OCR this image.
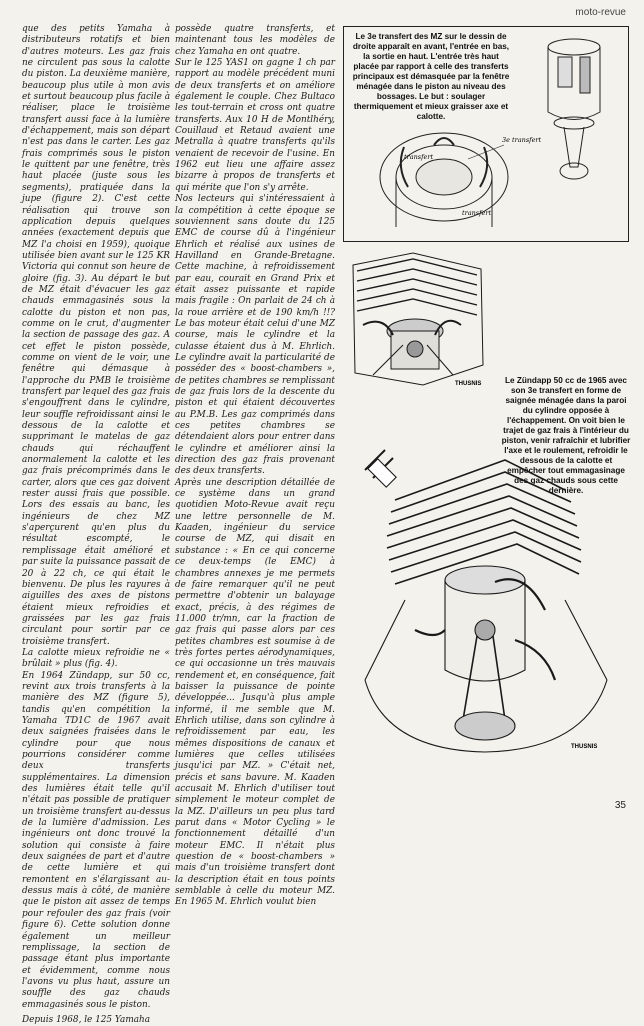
moto-revue

que des petits Yamaha à distributeurs rotatifs et bien d'autres moteurs. Les gaz frais ne circulent pas sous la calotte du piston. La deuxième manière, beaucoup plus utile à mon avis et surtout beaucoup plus facile à réaliser, place le troisième transfert aussi face à la lumière d'échappement, mais son départ n'est pas dans le carter. Les gaz frais comprimés sous le piston le quittent par une fenêtre, très haut placée (juste sous les segments), pratiquée dans la jupe (figure 2). C'est cette réalisation qui trouve son application depuis quelques années (exactement depuis que MZ l'a choisi en 1959), quoique utilisée bien avant sur le 125 KR Victoria qui connut son heure de gloire (fig. 3). Au départ le but de MZ était d'évacuer les gaz chauds emmagasinés sous la calotte du piston et non pas, comme on le crut, d'augmenter la section de passage des gaz. A cet effet le piston possède, comme on vient de le voir, une fenêtre qui démasque à l'approche du PMB le troisième transfert par lequel des gaz frais s'engouffrent dans le cylindre, leur souffle refroidissant ainsi le dessous de la calotte et supprimant le matelas de gaz chauds qui réchauffent anormalement la calotte et les gaz frais précomprimés dans le carter, alors que ces gaz doivent rester aussi frais que possible. Lors des essais au banc, les ingénieurs de chez MZ s'aperçurent qu'en plus du résultat escompté, le remplissage était amélioré et par suite la puissance passait de 20 à 22 ch, ce qui était le bienvenu. De plus les rayures à aiguilles des axes de pistons étaient mieux refroidies et graissées par les gaz frais circulant pour sortir par ce troisième transfert.

La calotte mieux refroidie ne « brûlait » plus (fig. 4).

En 1964 Zündapp, sur 50 cc, revint aux trois transferts à la manière des MZ (figure 5), tandis qu'en compétition la Yamaha TD1C de 1967 avait deux saignées fraisées dans le cylindre pour que nous pourrions considérer comme deux transferts supplémentaires. La dimension des lumières était telle qu'il n'était pas possible de pratiquer un troisième transfert au-dessus de la lumière d'admission. Les ingénieurs ont donc trouvé la solution qui consiste à faire deux saignées de part et d'autre de cette lumière et qui remontent en s'élargissant au-dessus mais à côté, de manière que le piston ait assez de temps pour refouler des gaz frais (voir figure 6). Cette solution donne également un meilleur remplissage, la section de passage étant plus importante et évidemment, comme nous l'avons vu plus haut, assure un souffle des gaz chauds emmagasinés sous le piston.

Depuis 1968, le 125 Yamaha

possède quatre transferts, et maintenant tous les modèles de chez Yamaha en ont quatre.

Sur le 125 YAS1 on gagne 1 ch par rapport au modèle précédent muni de deux transferts et on améliore également le couple. Chez Bultaco les tout-terrain et cross ont quatre transferts. Aux 10 H de Montlhéry, Couillaud et Retaud avaient une Metralla à quatre transferts qu'ils venaient de recevoir de l'usine. En 1962 eut lieu une affaire assez bizarre à propos de transferts et qui mérite que l'on s'y arrête.

Nos lecteurs qui s'intéressaient à la compétition à cette époque se souviennent sans doute du 125 EMC de course dû à l'ingénieur Ehrlich et réalisé aux usines de Havilland en Grande-Bretagne. Cette machine, à refroidissement par eau, courait en Grand Prix et était assez puissante et rapide mais fragile : On parlait de 24 ch à la roue arrière et de 190 km/h !!? Le bas moteur était celui d'une MZ course, mais le cylindre et la culasse étaient dus à M. Ehrlich. Le cylindre avait la particularité de posséder des « boost-chambers », de petites chambres se remplissant de gaz frais lors de la descente du piston et qui étaient découvertes au P.M.B. Les gaz comprimés dans ces petites chambres se détendaient alors pour entrer dans le cylindre et améliorer ainsi la direction des gaz frais provenant des deux transferts.

Après une description détaillée de ce système dans un grand quotidien Moto-Revue avait reçu une lettre personnelle de M. Kaaden, ingénieur du service course de MZ, qui disait en substance : « En ce qui concerne ce deux-temps (le EMC) à chambres annexes je me permets de faire remarquer qu'il ne peut permettre d'obtenir un balayage exact, précis, à des régimes de 11.000 tr/mn, car la fraction de gaz frais qui passe alors par ces petites chambres est soumise à de très fortes pertes aérodynamiques, ce qui occasionne un très mauvais rendement et, en conséquence, fait baisser la puissance de pointe développée... Jusqu'à plus ample informé, il me semble que M. Ehrlich utilise, dans son cylindre à refroidissement par eau, les mêmes dispositions de canaux et lumières que celles utilisées jusqu'ici par MZ. » C'était net, précis et sans bavure. M. Kaaden accusait M. Ehrlich d'utiliser tout simplement le moteur complet de la MZ. D'ailleurs un peu plus tard parut dans « Motor Cycling » le fonctionnement détaillé d'un moteur EMC. Il n'était plus question de « boost-chambers » mais d'un troisième transfert dont la description était en tous points semblable à celle du moteur MZ. En 1965 M. Ehrlich voulut bien

Le 3e transfert des MZ sur le dessin de droite apparaît en avant, l'entrée en bas, la sortie en haut. L'entrée très haut placée par rapport à celle des transferts principaux est démasquée par la fenêtre ménagée dans le piston au niveau des bossages. Le but : soulager thermiquement et mieux graisser axe et calotte.
3e transfert
transfert
transfert
THUSNIS	Le Zündapp 50 cc de 1965 avec son 3e transfert en forme de saignée ménagée dans la paroi du cylindre opposée à l'échappement. On voit bien le trajet de gaz frais à l'intérieur du piston, venir rafraîchir et lubrifier l'axe et le roulement, refroidir le dessous de la calotte et empêcher tout emmagasinage des gaz chauds sous cette dernière.
THUSNIS
35
